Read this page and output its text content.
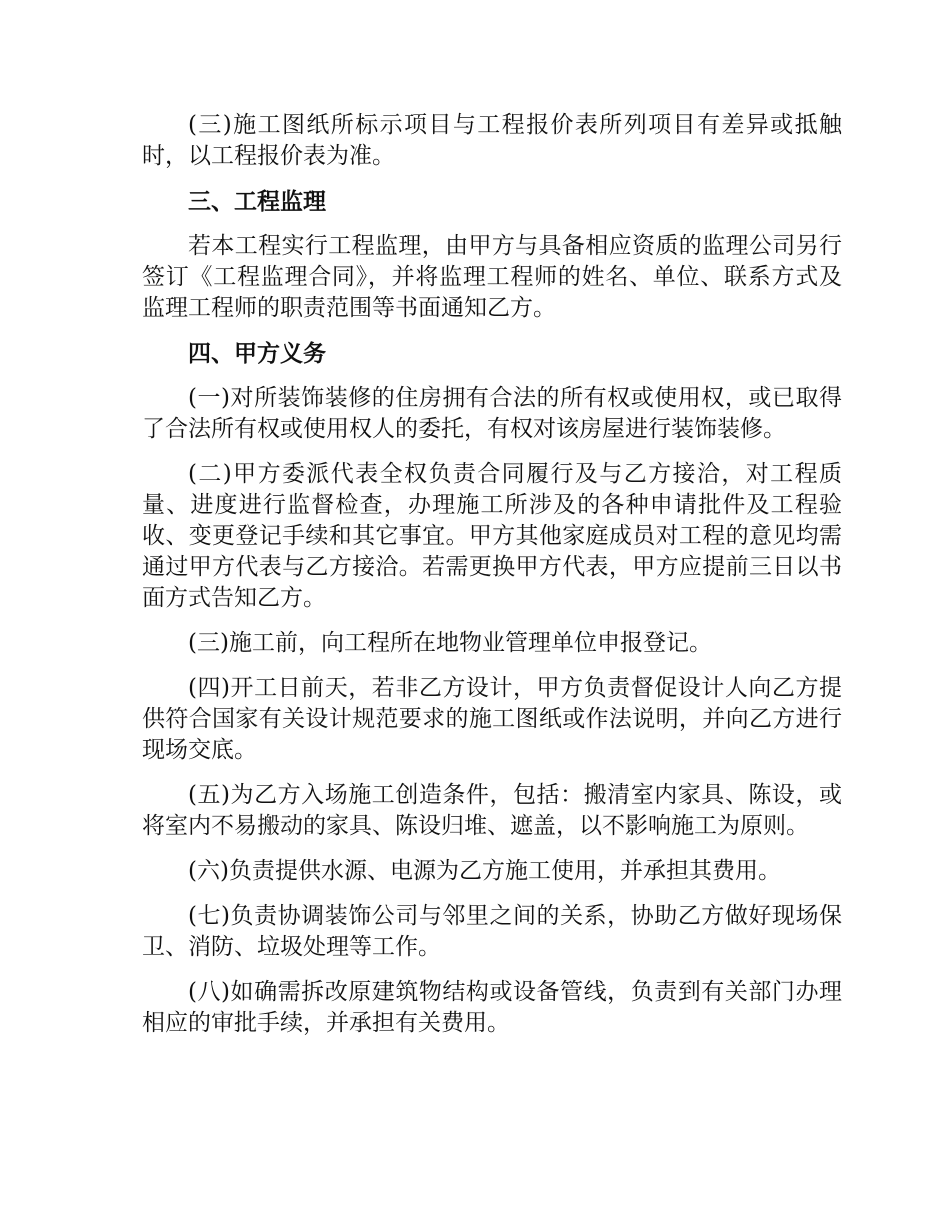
(三)施工图纸所标示项目与工程报价表所列项目有差异或抵触时，以工程报价表为准。

三、工程监理

若本工程实行工程监理，由甲方与具备相应资质的监理公司另行签订《工程监理合同》，并将监理工程师的姓名、单位、联系方式及监理工程师的职责范围等书面通知乙方。

四、甲方义务

(一)对所装饰装修的住房拥有合法的所有权或使用权，或已取得了合法所有权或使用权人的委托，有权对该房屋进行装饰装修。

(二)甲方委派代表全权负责合同履行及与乙方接洽，对工程质量、进度进行监督检查，办理施工所涉及的各种申请批件及工程验收、变更登记手续和其它事宜。甲方其他家庭成员对工程的意见均需通过甲方代表与乙方接洽。若需更换甲方代表，甲方应提前三日以书面方式告知乙方。

(三)施工前，向工程所在地物业管理单位申报登记。

(四)开工日前天，若非乙方设计，甲方负责督促设计人向乙方提供符合国家有关设计规范要求的施工图纸或作法说明，并向乙方进行现场交底。

(五)为乙方入场施工创造条件，包括：搬清室内家具、陈设，或将室内不易搬动的家具、陈设归堆、遮盖，以不影响施工为原则。

(六)负责提供水源、电源为乙方施工使用，并承担其费用。

(七)负责协调装饰公司与邻里之间的关系，协助乙方做好现场保卫、消防、垃圾处理等工作。

(八)如确需拆改原建筑物结构或设备管线，负责到有关部门办理相应的审批手续，并承担有关费用。
